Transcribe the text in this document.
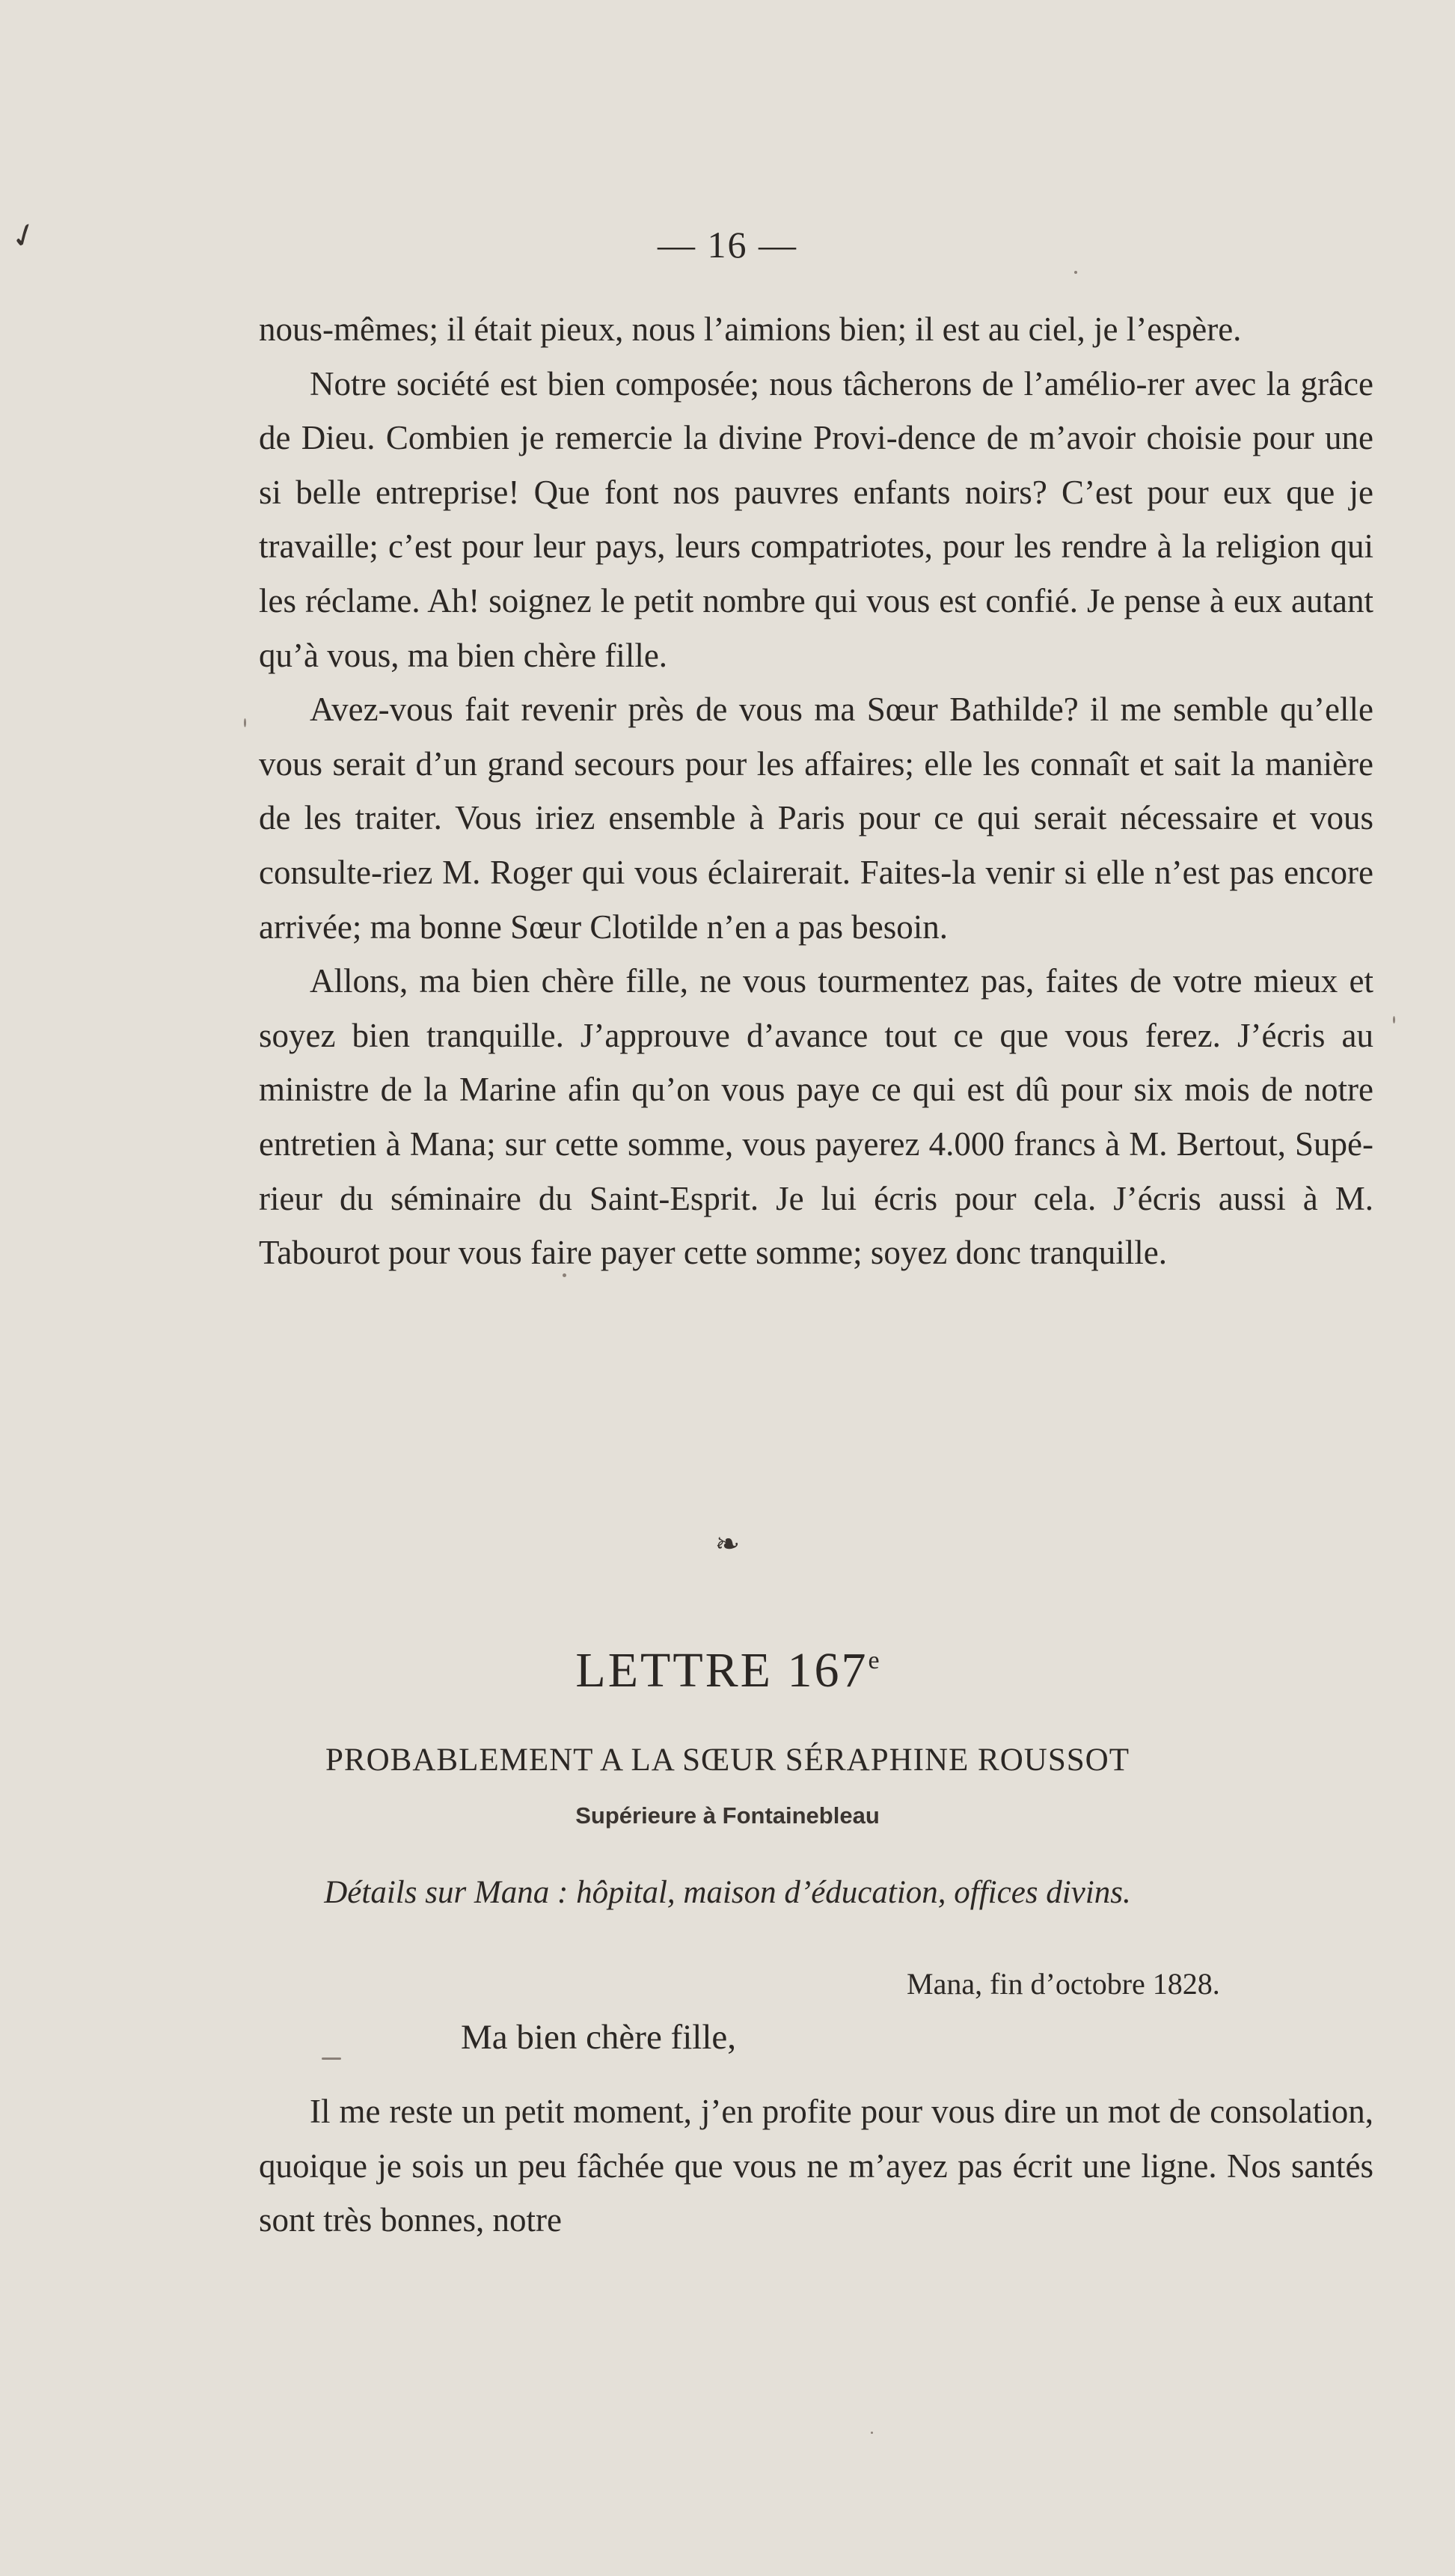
✓	— 16 —

nous-mêmes; il était pieux, nous l’aimions bien; il est au ciel, je l’espère.

Notre société est bien composée; nous tâcherons de l’amélio-rer avec la grâce de Dieu. Combien je remercie la divine Provi-dence de m’avoir choisie pour une si belle entreprise! Que font nos pauvres enfants noirs? C’est pour eux que je travaille; c’est pour leur pays, leurs compatriotes, pour les rendre à la religion qui les réclame. Ah! soignez le petit nombre qui vous est confié. Je pense à eux autant qu’à vous, ma bien chère fille.

Avez-vous fait revenir près de vous ma Sœur Bathilde? il me semble qu’elle vous serait d’un grand secours pour les affaires; elle les connaît et sait la manière de les traiter. Vous iriez ensemble à Paris pour ce qui serait nécessaire et vous consulte-riez M. Roger qui vous éclairerait. Faites-la venir si elle n’est pas encore arrivée; ma bonne Sœur Clotilde n’en a pas besoin.

Allons, ma bien chère fille, ne vous tourmentez pas, faites de votre mieux et soyez bien tranquille. J’approuve d’avance tout ce que vous ferez. J’écris au ministre de la Marine afin qu’on vous paye ce qui est dû pour six mois de notre entretien à Mana; sur cette somme, vous payerez 4.000 francs à M. Bertout, Supé-rieur du séminaire du Saint-Esprit. Je lui écris pour cela. J’écris aussi à M. Tabourot pour vous faire payer cette somme; soyez donc tranquille.

❧
LETTRE 167e
PROBABLEMENT A LA SŒUR SÉRAPHINE ROUSSOT
Supérieure à Fontainebleau
Détails sur Mana : hôpital, maison d’éducation, offices divins.
Mana, fin d’octobre 1828.
Ma bien chère fille,

Il me reste un petit moment, j’en profite pour vous dire un mot de consolation, quoique je sois un peu fâchée que vous ne m’ayez pas écrit une ligne. Nos santés sont très bonnes, notre
